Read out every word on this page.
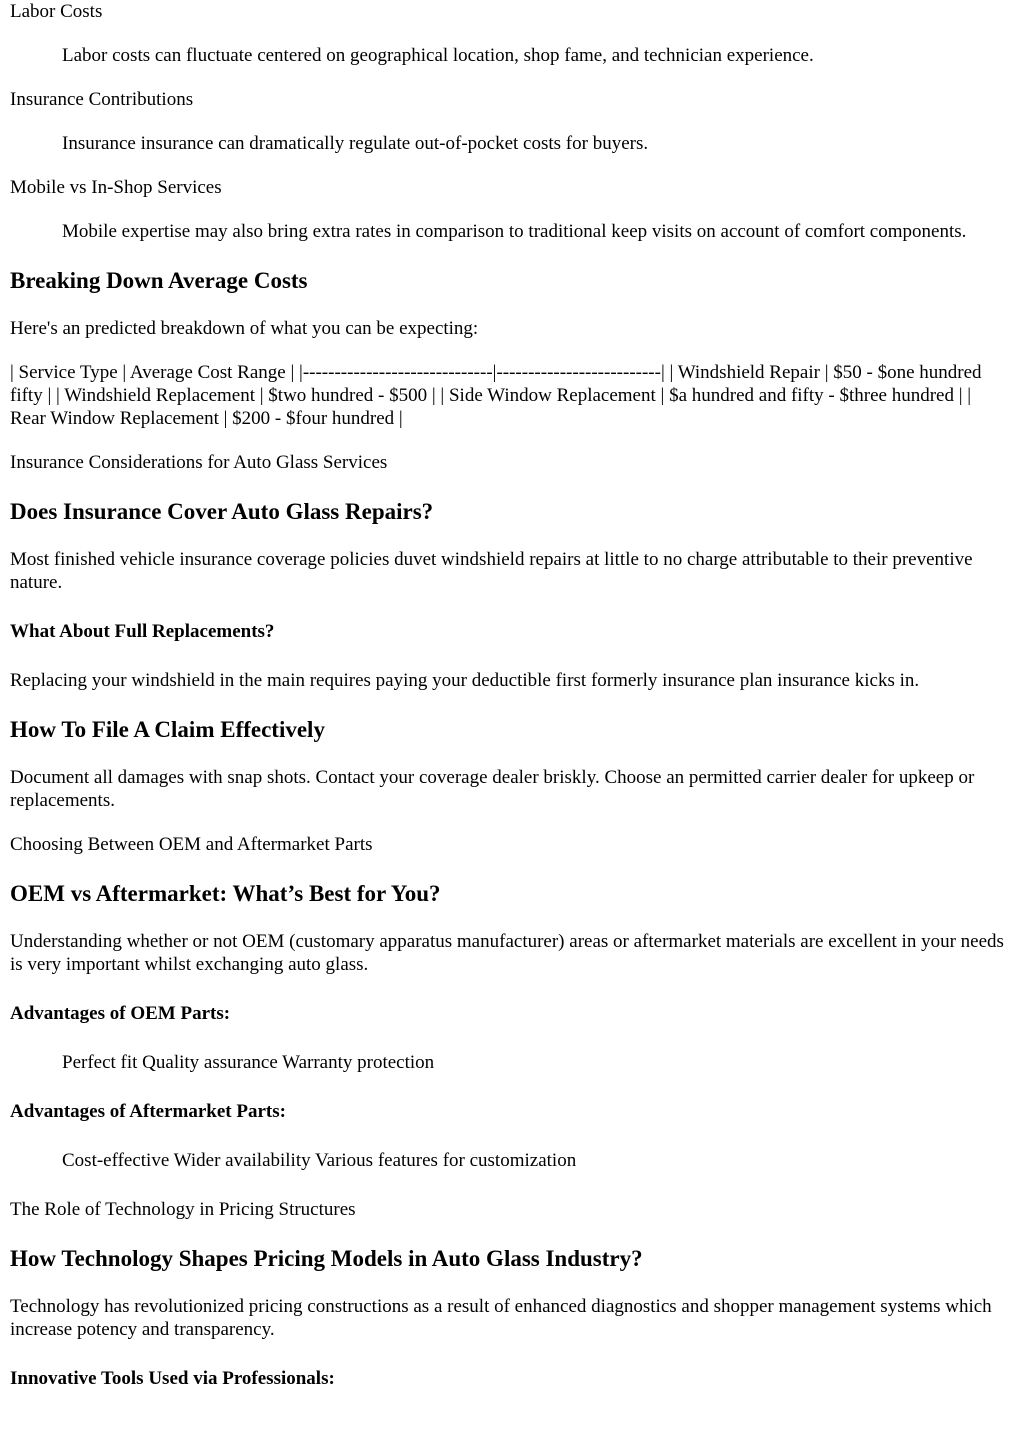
Labor Costs
Labor costs can fluctuate centered on geographical location, shop fame, and technician experience.
Insurance Contributions
Insurance insurance can dramatically regulate out-of-pocket costs for buyers.
Mobile vs In-Shop Services
Mobile expertise may also bring extra rates in comparison to traditional keep visits on account of comfort components.
Breaking Down Average Costs

Here's an predicted breakdown of what you can be expecting:

| Service Type | Average Cost Range | |------------------------------|--------------------------| | Windshield Repair | $50 - $one hundred fifty | | Windshield Replacement | $two hundred - $500 | | Side Window Replacement | $a hundred and fifty - $three hundred | | Rear Window Replacement | $200 - $four hundred |

Insurance Considerations for Auto Glass Services

Does Insurance Cover Auto Glass Repairs?

Most finished vehicle insurance coverage policies duvet windshield repairs at little to no charge attributable to their preventive nature.

What About Full Replacements?

Replacing your windshield in the main requires paying your deductible first formerly insurance plan insurance kicks in.

How To File A Claim Effectively

Document all damages with snap shots. Contact your coverage dealer briskly. Choose an permitted carrier dealer for upkeep or replacements.

Choosing Between OEM and Aftermarket Parts

OEM vs Aftermarket: What’s Best for You?

Understanding whether or not OEM (customary apparatus manufacturer) areas or aftermarket materials are excellent in your needs is very important whilst exchanging auto glass.

Advantages of OEM Parts:
Perfect fit Quality assurance Warranty protection
Advantages of Aftermarket Parts:
Cost-effective Wider availability Various features for customization

The Role of Technology in Pricing Structures

How Technology Shapes Pricing Models in Auto Glass Industry?

Technology has revolutionized pricing constructions as a result of enhanced diagnostics and shopper management systems which increase potency and transparency.

Innovative Tools Used via Professionals:
